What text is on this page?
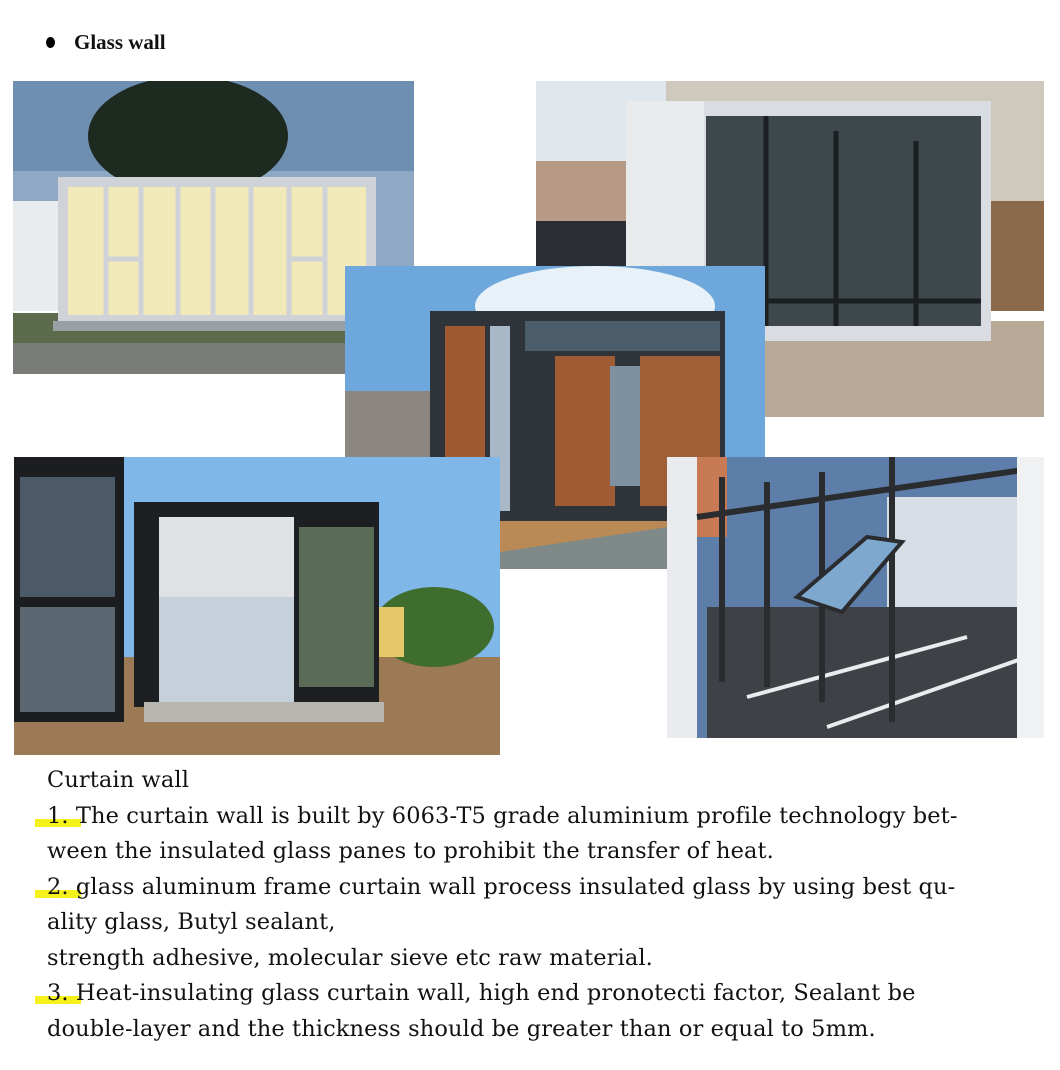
Glass wall
Curtain wall
1. The curtain wall is built by 6063-T5 grade aluminium profile technology bet-
ween the insulated glass panes to prohibit the transfer of heat.
2. glass aluminum frame curtain wall process insulated glass by using best qu-
ality glass, Butyl sealant,
strength adhesive, molecular sieve etc raw material.
3. Heat-insulating glass curtain wall, high end pronotecti factor, Sealant be
double-layer and the thickness should be greater than or equal to 5mm.
